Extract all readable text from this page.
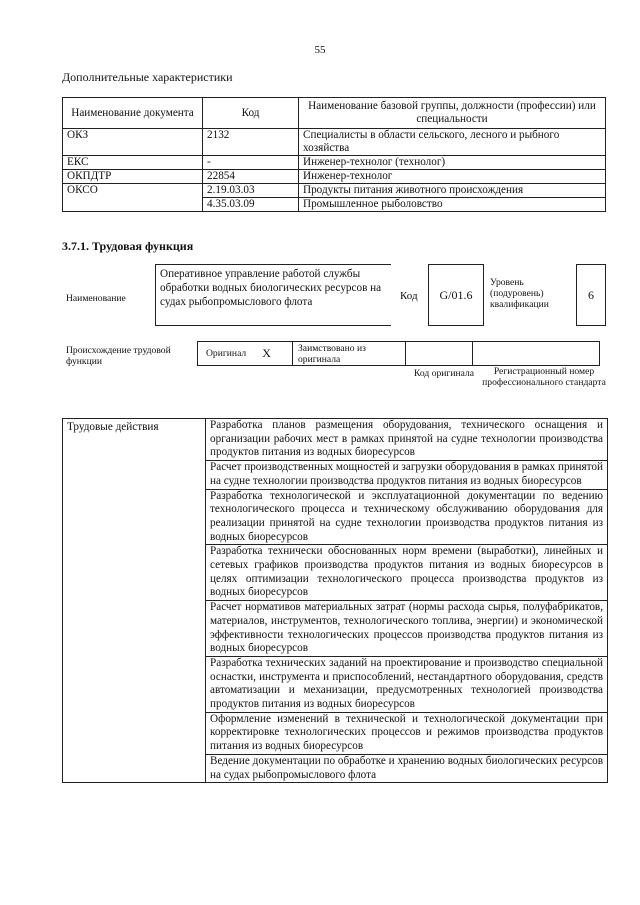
55
Дополнительные характеристики
Наименование документа	Код	Наименование базовой группы, должности (профессии) или специальности
ОКЗ	2132	Специалисты в области сельского, лесного и рыбного хозяйства
ЕКС	-	Инженер-технолог (технолог)
ОКПДТР	22854	Инженер-технолог
ОКСО	2.19.03.03	Продукты питания животного происхождения
	4.35.03.09	Промышленное рыболовство
3.7.1. Трудовая функция
Наименование
Оперативное управление работой службы обработки водных биологических ресурсов на судах рыбопромыслового флота	Код	G/01.6
Уровень (подуровень) квалификации
6
Происхождение трудовой функции
Оригинал X	Заимствовано из оригинала
Код оригинала	Регистрационный номер профессионального стандарта
Трудовые действия	Разработка планов размещения оборудования, технического оснащения и организации рабочих мест в рамках принятой на судне технологии производства продуктов питания из водных биоресурсов
Расчет производственных мощностей и загрузки оборудования в рамках принятой на судне технологии производства продуктов питания из водных биоресурсов
Разработка технологической и эксплуатационной документации по ведению технологического процесса и техническому обслуживанию оборудования для реализации принятой на судне технологии производства продуктов питания из водных биоресурсов
Разработка технически обоснованных норм времени (выработки), линейных и сетевых графиков производства продуктов питания из водных биоресурсов в целях оптимизации технологического процесса производства продуктов из водных биоресурсов
Расчет нормативов материальных затрат (нормы расхода сырья, полуфабрикатов, материалов, инструментов, технологического топлива, энергии) и экономической эффективности технологических процессов производства продуктов питания из водных биоресурсов
Разработка технических заданий на проектирование и производство специальной оснастки, инструмента и приспособлений, нестандартного оборудования, средств автоматизации и механизации, предусмотренных технологией производства продуктов питания из водных биоресурсов
Оформление изменений в технической и технологической документации при корректировке технологических процессов и режимов производства продуктов питания из водных биоресурсов
Ведение документации по обработке и хранению водных биологических ресурсов на судах рыбопромыслового флота
